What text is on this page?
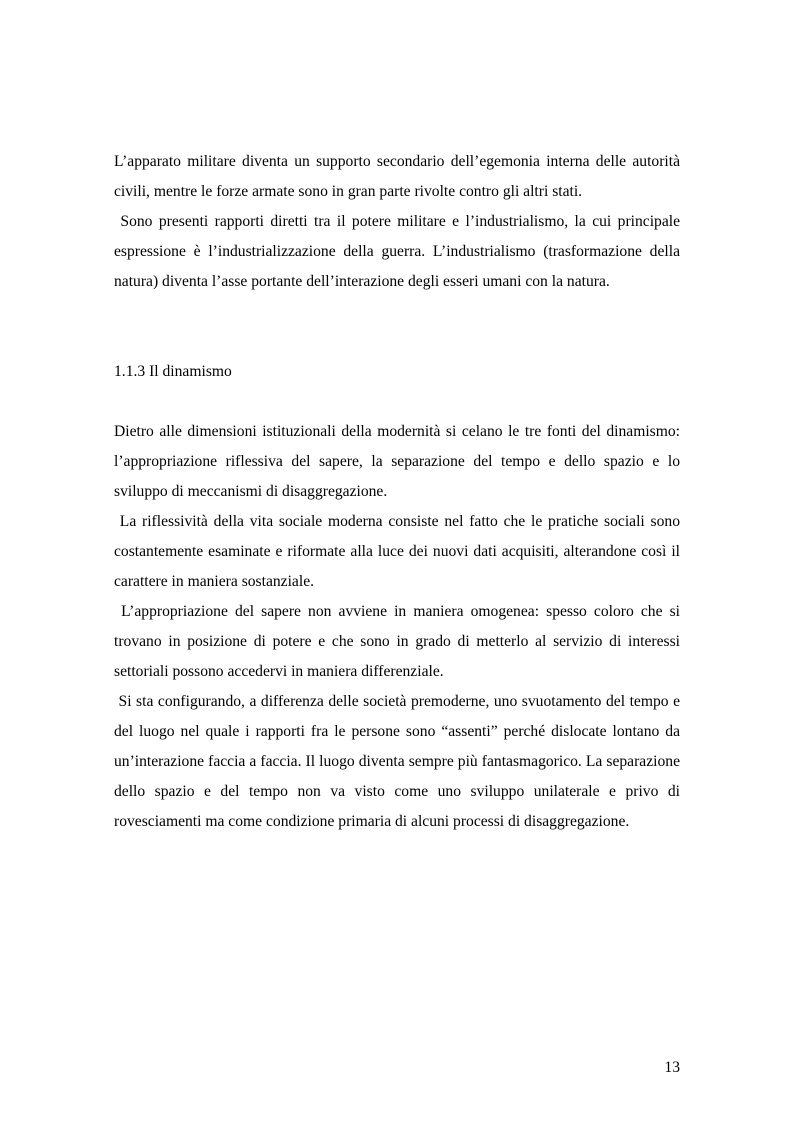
L’apparato militare diventa un supporto secondario dell’egemonia interna delle autorità civili, mentre le forze armate sono in gran parte rivolte contro gli altri stati.

Sono presenti rapporti diretti tra il potere militare e l’industrialismo, la cui principale espressione è l’industrializzazione della guerra. L’industrialismo (trasformazione della natura) diventa l’asse portante dell’interazione degli esseri umani con la natura.

1.1.3 Il dinamismo

Dietro alle dimensioni istituzionali della modernità si celano le tre fonti del dinamismo: l’appropriazione riflessiva del sapere, la separazione del tempo e dello spazio e lo sviluppo di meccanismi di disaggregazione.

La riflessività della vita sociale moderna consiste nel fatto che le pratiche sociali sono costantemente esaminate e riformate alla luce dei nuovi dati acquisiti, alterandone così il carattere in maniera sostanziale.

L’appropriazione del sapere non avviene in maniera omogenea: spesso coloro che si trovano in posizione di potere e che sono in grado di metterlo al servizio di interessi settoriali possono accedervi in maniera differenziale.

Si sta configurando, a differenza delle società premoderne, uno svuotamento del tempo e del luogo nel quale i rapporti fra le persone sono “assenti” perché dislocate lontano da un’interazione faccia a faccia. Il luogo diventa sempre più fantasmagorico. La separazione dello spazio e del tempo non va visto come uno sviluppo unilaterale e privo di rovesciamenti ma come condizione primaria di alcuni processi di disaggregazione.

13
